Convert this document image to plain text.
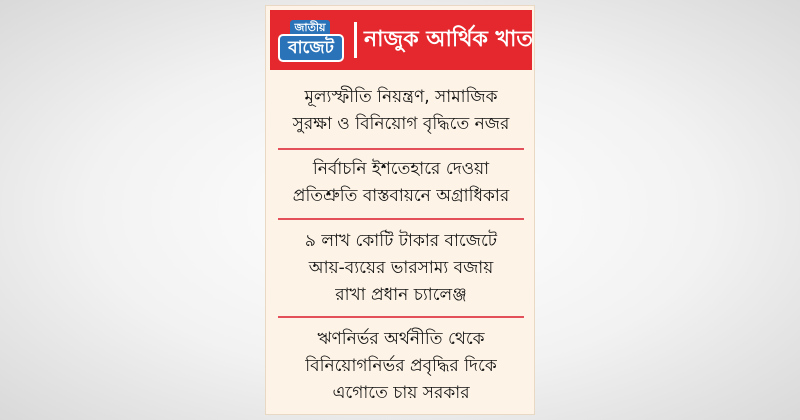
জাতীয়
বাজেট	নাজুক আর্থিক খাত
মূল্যস্ফীতি নিয়ন্ত্রণ, সামাজিক
সুরক্ষা ও বিনিয়োগ বৃদ্ধিতে নজর
নির্বাচনি ইশতেহারে দেওয়া
প্রতিশ্রুতি বাস্তবায়নে অগ্রাধিকার
৯ লাখ কোটি টাকার বাজেটে
আয়-ব্যয়ের ভারসাম্য বজায়
রাখা প্রধান চ্যালেঞ্জ
ঋণনির্ভর অর্থনীতি থেকে
বিনিয়োগনির্ভর প্রবৃদ্ধির দিকে
এগোতে চায় সরকার
